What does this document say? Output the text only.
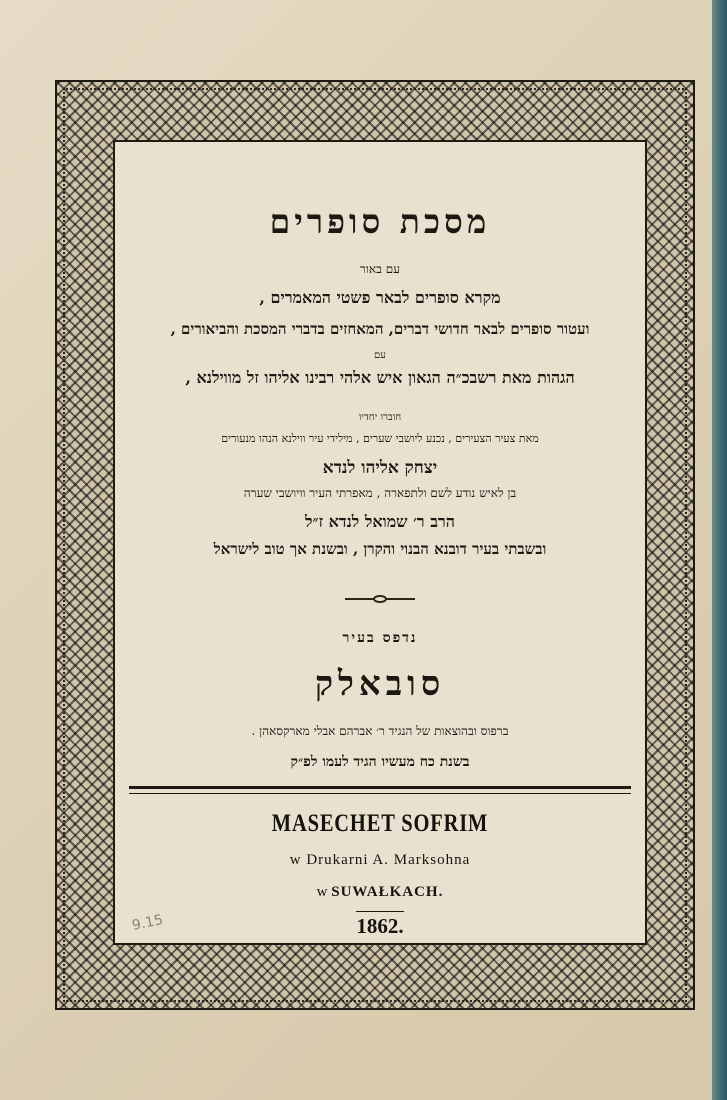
מסכת סופרים
עם באור
מקרא סופרים לבאר פשטי המאמרים ,
ועטור סופרים לבאר חדושי דברים, המאחזים בדברי המסכת והביאורים ,
עם
הגהות מאת רשבכ״ה הגאון איש אלהי רבינו אליהו זל מווילנא ,
חוברו יחדיו
מאת צעיר הצעירים , נכנע ליושבי שערים , מילידי עיר ווילנא הנהו מנעורים
יצחק אליהו לנדא
בן לאיש נודע לשם ולתפארה , מאפרתי העיר וויושבי שערה
הרב ר׳ שמואל לנדא ז״ל
ובשבתי בעיר דובנא הבנוי והקרן , ובשנת אך טוב לישראל
נדפס בעיר
סובאלק
ברפוס ובהוצאות של הנגיד ר׳ אברהם אבלי מארקסאהן .
בשנת כח מעשיו הגיד לעמו לפ״ק
MASECHET SOFRIM
w Drukarni A. Marksohna
w SUWAŁKACH.
1862.
9.15
